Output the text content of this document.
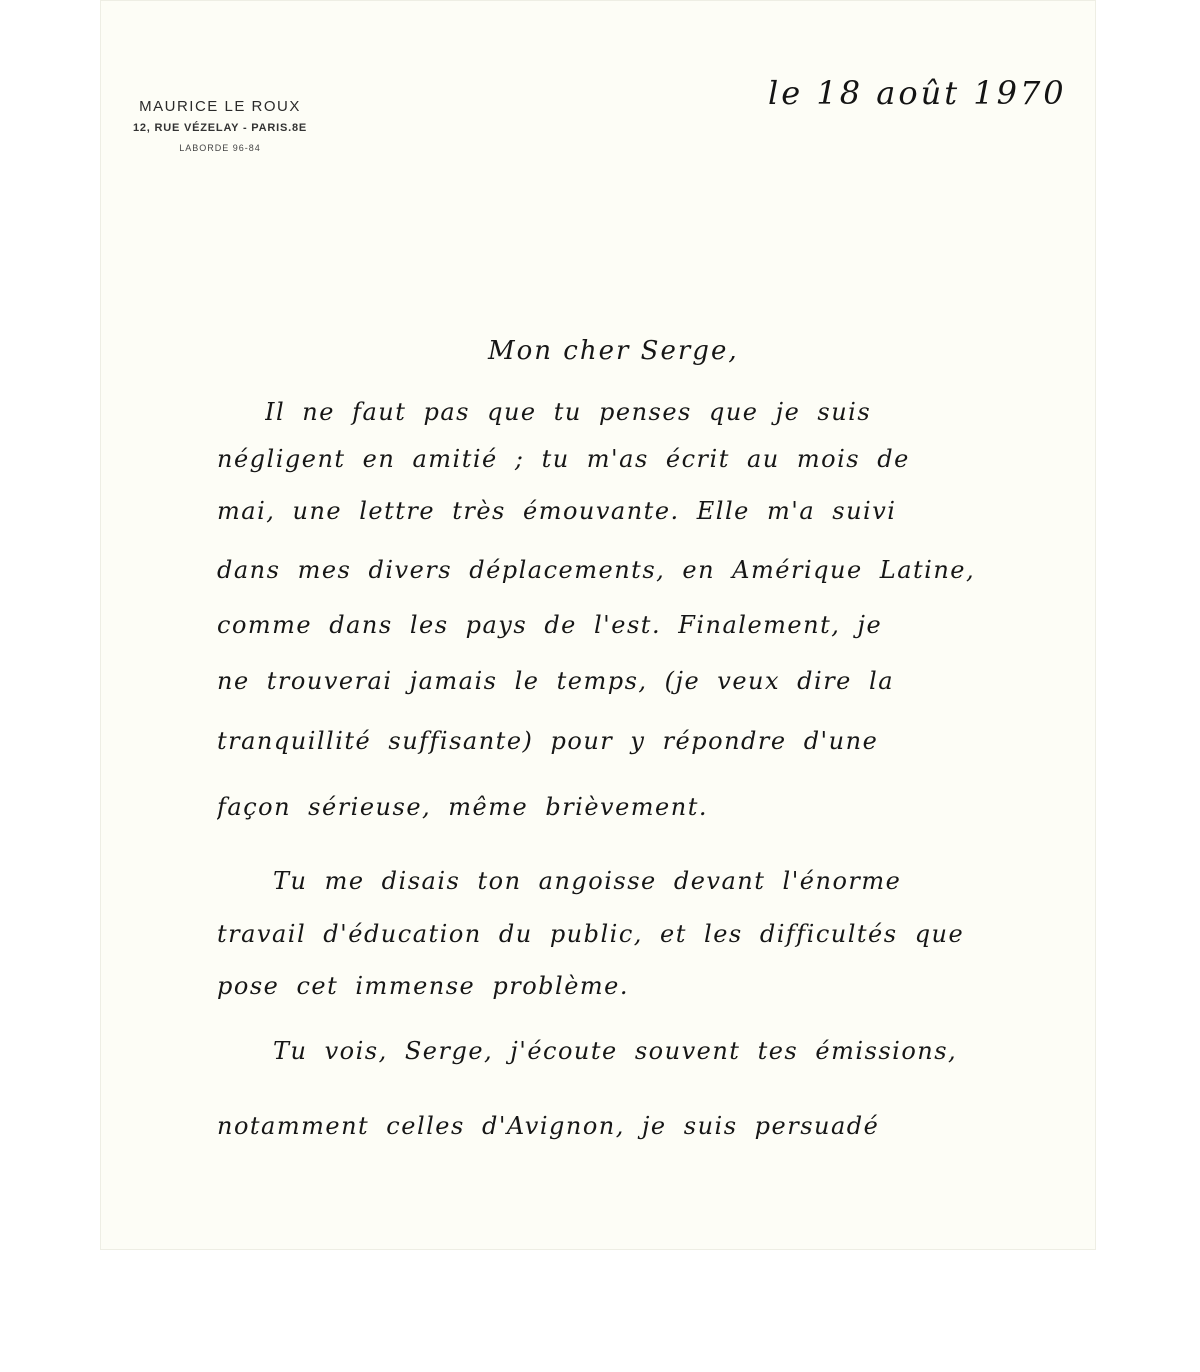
MAURICE LE ROUX
12, RUE VÉZELAY - PARIS.8E
LABORDE 96-84
le 18 août 1970
Mon cher Serge,
Il ne faut pas que tu penses que je suis
négligent en amitié ; tu m'as écrit au mois de
mai, une lettre très émouvante. Elle m'a suivi
dans mes divers déplacements, en Amérique Latine,
comme dans les pays de l'est. Finalement, je
ne trouverai jamais le temps, (je veux dire la
tranquillité suffisante) pour y répondre d'une
façon sérieuse, même brièvement.
Tu me disais ton angoisse devant l'énorme
travail d'éducation du public, et les difficultés que
pose cet immense problème.
Tu vois, Serge, j'écoute souvent tes émissions,
notamment celles d'Avignon, je suis persuadé
